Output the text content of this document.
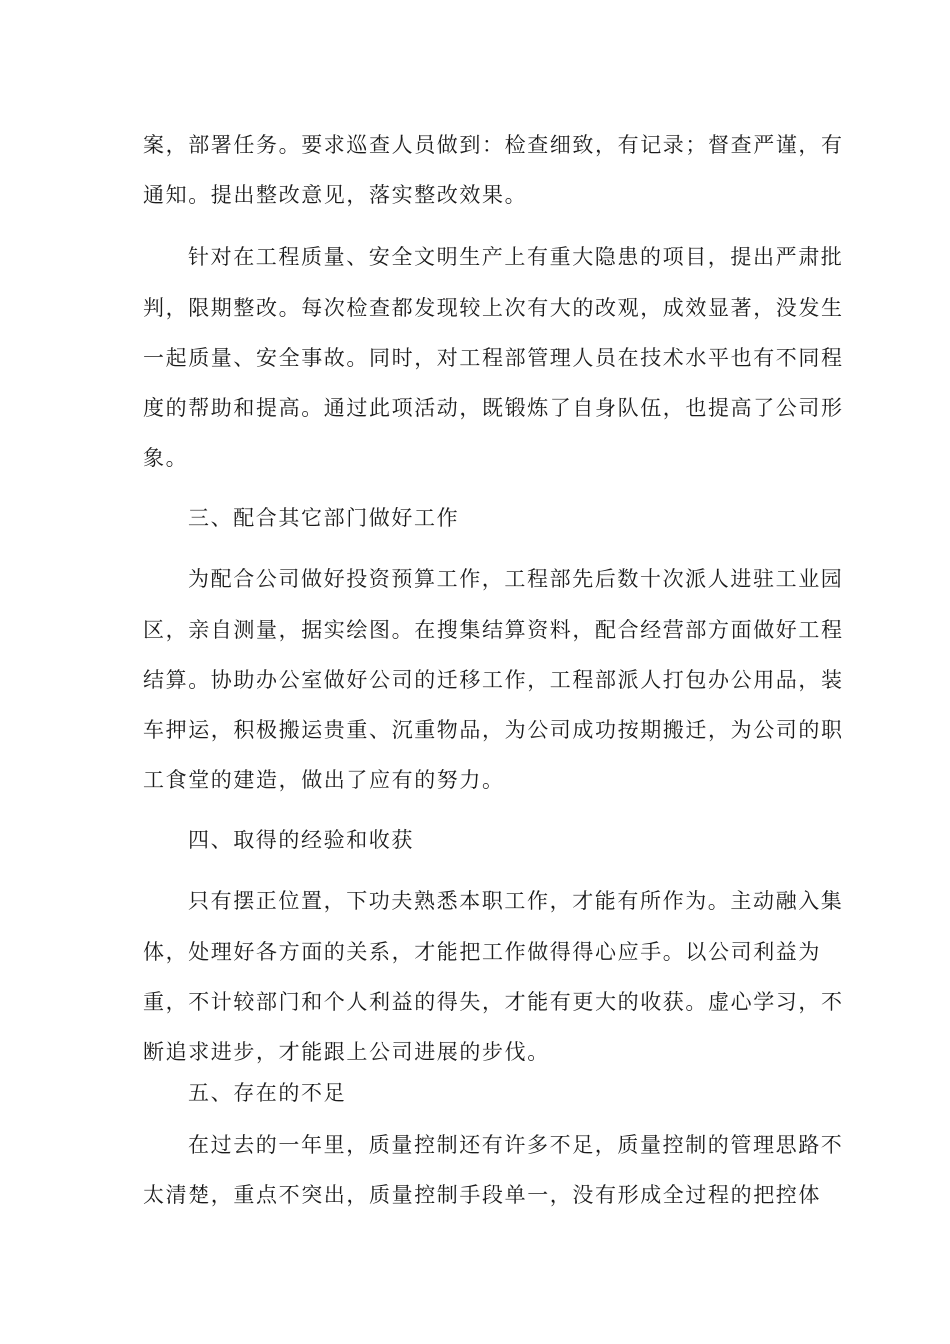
案，部署任务。要求巡查人员做到：检查细致，有记录；督查严谨，有
通知。提出整改意见，落实整改效果。
针对在工程质量、安全文明生产上有重大隐患的项目，提出严肃批
判，限期整改。每次检查都发现较上次有大的改观，成效显著，没发生
一起质量、安全事故。同时，对工程部管理人员在技术水平也有不同程
度的帮助和提高。通过此项活动，既锻炼了自身队伍，也提高了公司形
象。
三、配合其它部门做好工作
为配合公司做好投资预算工作，工程部先后数十次派人进驻工业园
区，亲自测量，据实绘图。在搜集结算资料，配合经营部方面做好工程
结算。协助办公室做好公司的迁移工作，工程部派人打包办公用品，装
车押运，积极搬运贵重、沉重物品，为公司成功按期搬迁，为公司的职
工食堂的建造，做出了应有的努力。
四、取得的经验和收获
只有摆正位置，下功夫熟悉本职工作，才能有所作为。主动融入集
体，处理好各方面的关系，才能把工作做得得心应手。以公司利益为
重，不计较部门和个人利益的得失，才能有更大的收获。虚心学习，不
断追求进步，才能跟上公司进展的步伐。
五、存在的不足
在过去的一年里，质量控制还有许多不足，质量控制的管理思路不
太清楚，重点不突出，质量控制手段单一，没有形成全过程的把控体
